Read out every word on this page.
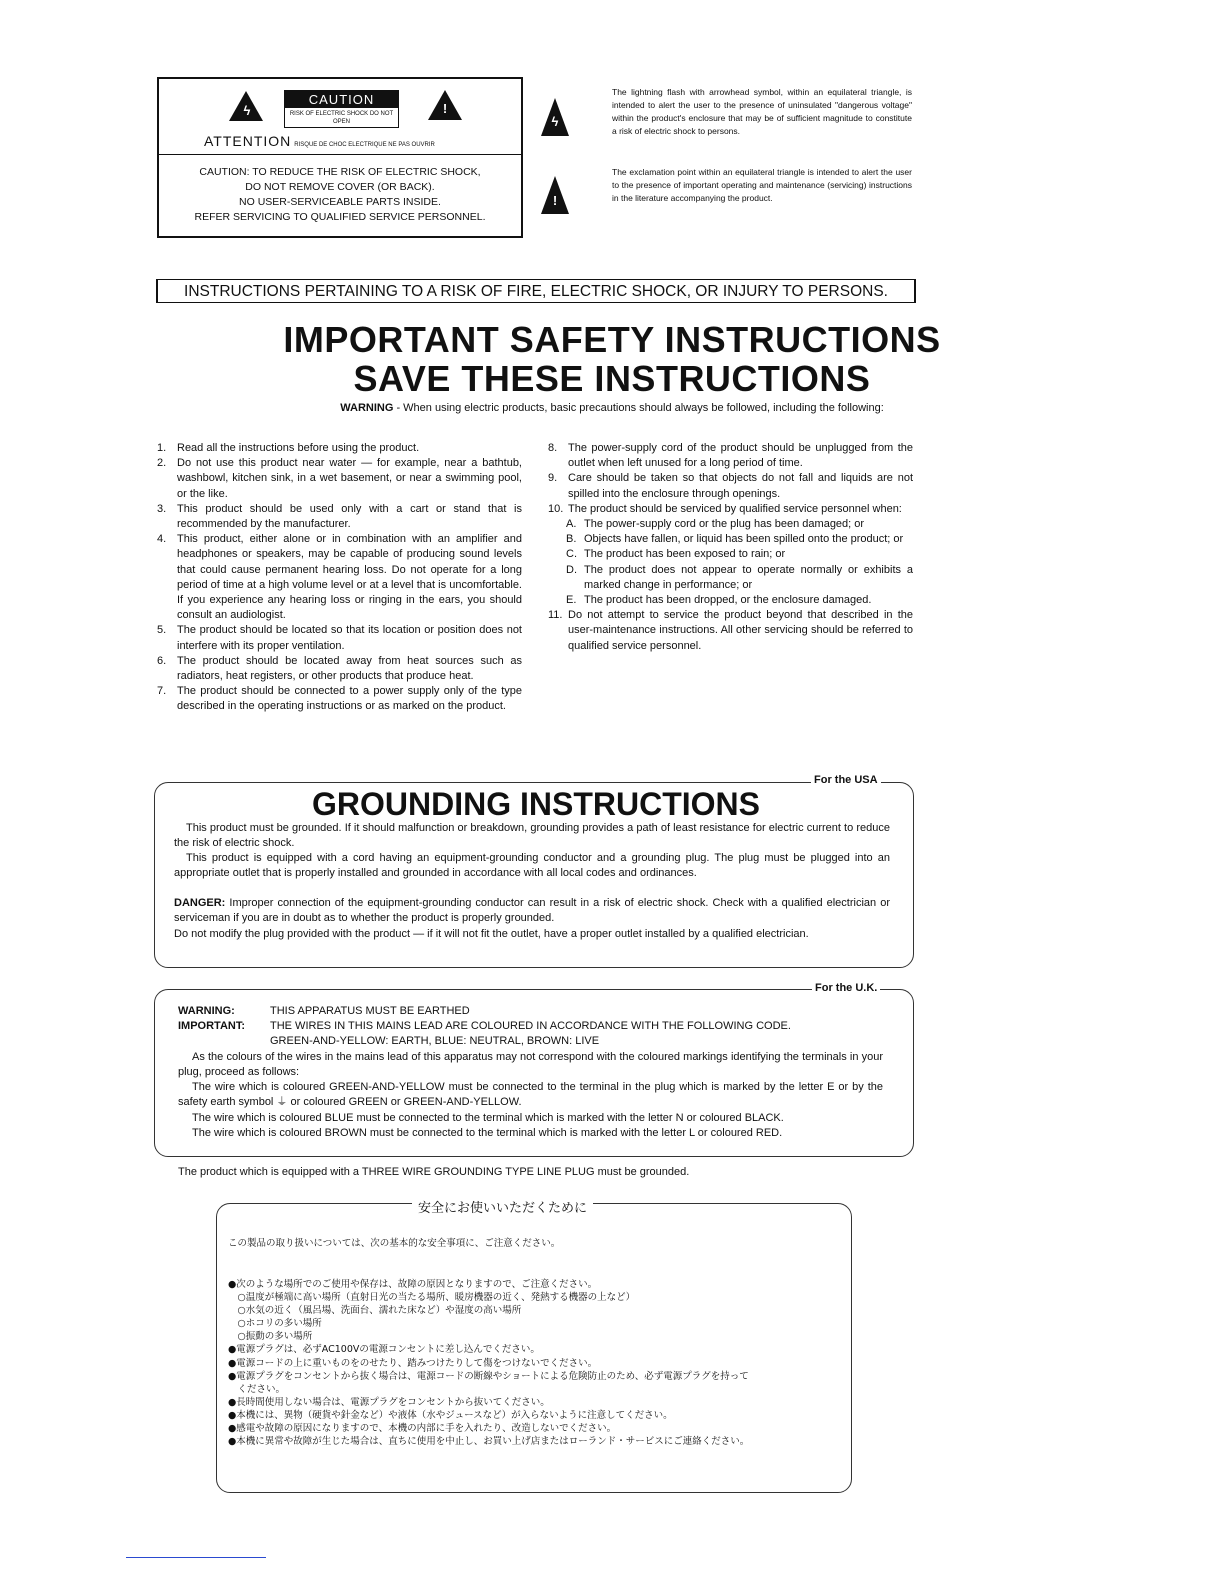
ϟ
CAUTION
RISK OF ELECTRIC SHOCK DO NOT OPEN
!
ATTENTION RISQUE DE CHOC ELECTRIQUE NE PAS OUVRIR
CAUTION: TO REDUCE THE RISK OF ELECTRIC SHOCK,
DO NOT REMOVE COVER (OR BACK).
NO USER-SERVICEABLE PARTS INSIDE.
REFER SERVICING TO QUALIFIED SERVICE PERSONNEL.
ϟ
The lightning flash with arrowhead symbol, within an equilateral triangle, is intended to alert the user to the presence of uninsulated "dangerous voltage" within the product's enclosure that may be of sufficient magnitude to constitute a risk of electric shock to persons.
!
The exclamation point within an equilateral triangle is intended to alert the user to the presence of important operating and maintenance (servicing) instructions in the literature accompanying the product.
INSTRUCTIONS PERTAINING TO A RISK OF FIRE, ELECTRIC SHOCK, OR INJURY TO PERSONS.
IMPORTANT SAFETY INSTRUCTIONS
SAVE THESE INSTRUCTIONS
WARNING - When using electric products, basic precautions should always be followed, including the following:
1. Read all the instructions before using the product.
2. Do not use this product near water — for example, near a bathtub, washbowl, kitchen sink, in a wet basement, or near a swimming pool, or the like.
3. This product should be used only with a cart or stand that is recommended by the manufacturer.
4. This product, either alone or in combination with an amplifier and headphones or speakers, may be capable of producing sound levels that could cause permanent hearing loss. Do not operate for a long period of time at a high volume level or at a level that is uncomfortable. If you experience any hearing loss or ringing in the ears, you should consult an audiologist.
5. The product should be located so that its location or position does not interfere with its proper ventilation.
6. The product should be located away from heat sources such as radiators, heat registers, or other products that produce heat.
7. The product should be connected to a power supply only of the type described in the operating instructions or as marked on the product.
8. The power-supply cord of the product should be unplugged from the outlet when left unused for a long period of time.
9. Care should be taken so that objects do not fall and liquids are not spilled into the enclosure through openings.
10. The product should be serviced by qualified service personnel when:
A. The power-supply cord or the plug has been damaged; or
B. Objects have fallen, or liquid has been spilled onto the product; or
C. The product has been exposed to rain; or
D. The product does not appear to operate normally or exhibits a marked change in performance; or
E. The product has been dropped, or the enclosure damaged.
11. Do not attempt to service the product beyond that described in the user-maintenance instructions. All other servicing should be referred to qualified service personnel.
For the USA
GROUNDING INSTRUCTIONS
This product must be grounded. If it should malfunction or breakdown, grounding provides a path of least resistance for electric current to reduce the risk of electric shock.
This product is equipped with a cord having an equipment-grounding conductor and a grounding plug. The plug must be plugged into an appropriate outlet that is properly installed and grounded in accordance with all local codes and ordinances.
DANGER: Improper connection of the equipment-grounding conductor can result in a risk of electric shock. Check with a qualified electrician or serviceman if you are in doubt as to whether the product is properly grounded.
Do not modify the plug provided with the product — if it will not fit the outlet, have a proper outlet installed by a qualified electrician.
For the U.K.
WARNING:	THIS APPARATUS MUST BE EARTHED
IMPORTANT: THE WIRES IN THIS MAINS LEAD ARE COLOURED IN ACCORDANCE WITH THE FOLLOWING CODE.
GREEN-AND-YELLOW: EARTH, BLUE: NEUTRAL, BROWN: LIVE
As the colours of the wires in the mains lead of this apparatus may not correspond with the coloured markings identifying the terminals in your plug, proceed as follows:
The wire which is coloured GREEN-AND-YELLOW must be connected to the terminal in the plug which is marked by the letter E or by the safety earth symbol ⏚ or coloured GREEN or GREEN-AND-YELLOW.
The wire which is coloured BLUE must be connected to the terminal which is marked with the letter N or coloured BLACK.
The wire which is coloured BROWN must be connected to the terminal which is marked with the letter L or coloured RED.
The product which is equipped with a THREE WIRE GROUNDING TYPE LINE PLUG must be grounded.
安全にお使いいただくために
この製品の取り扱いについては、次の基本的な安全事項に、ご注意ください。
●次のような場所でのご使用や保存は、故障の原因となりますので、ご注意ください。
　○温度が極端に高い場所（直射日光の当たる場所、暖房機器の近く、発熱する機器の上など）
　○水気の近く（風呂場、洗面台、濡れた床など）や湿度の高い場所
　○ホコリの多い場所
　○振動の多い場所
●電源プラグは、必ずAC100Vの電源コンセントに差し込んでください。
●電源コードの上に重いものをのせたり、踏みつけたりして傷をつけないでください。
●電源プラグをコンセントから抜く場合は、電源コードの断線やショートによる危険防止のため、必ず電源プラグを持って
　ください。
●長時間使用しない場合は、電源プラグをコンセントから抜いてください。
●本機には、異物（硬貨や針金など）や液体（水やジュースなど）が入らないように注意してください。
●感電や故障の原因になりますので、本機の内部に手を入れたり、改造しないでください。
●本機に異常や故障が生じた場合は、直ちに使用を中止し、お買い上げ店またはローランド・サービスにご連絡ください。
